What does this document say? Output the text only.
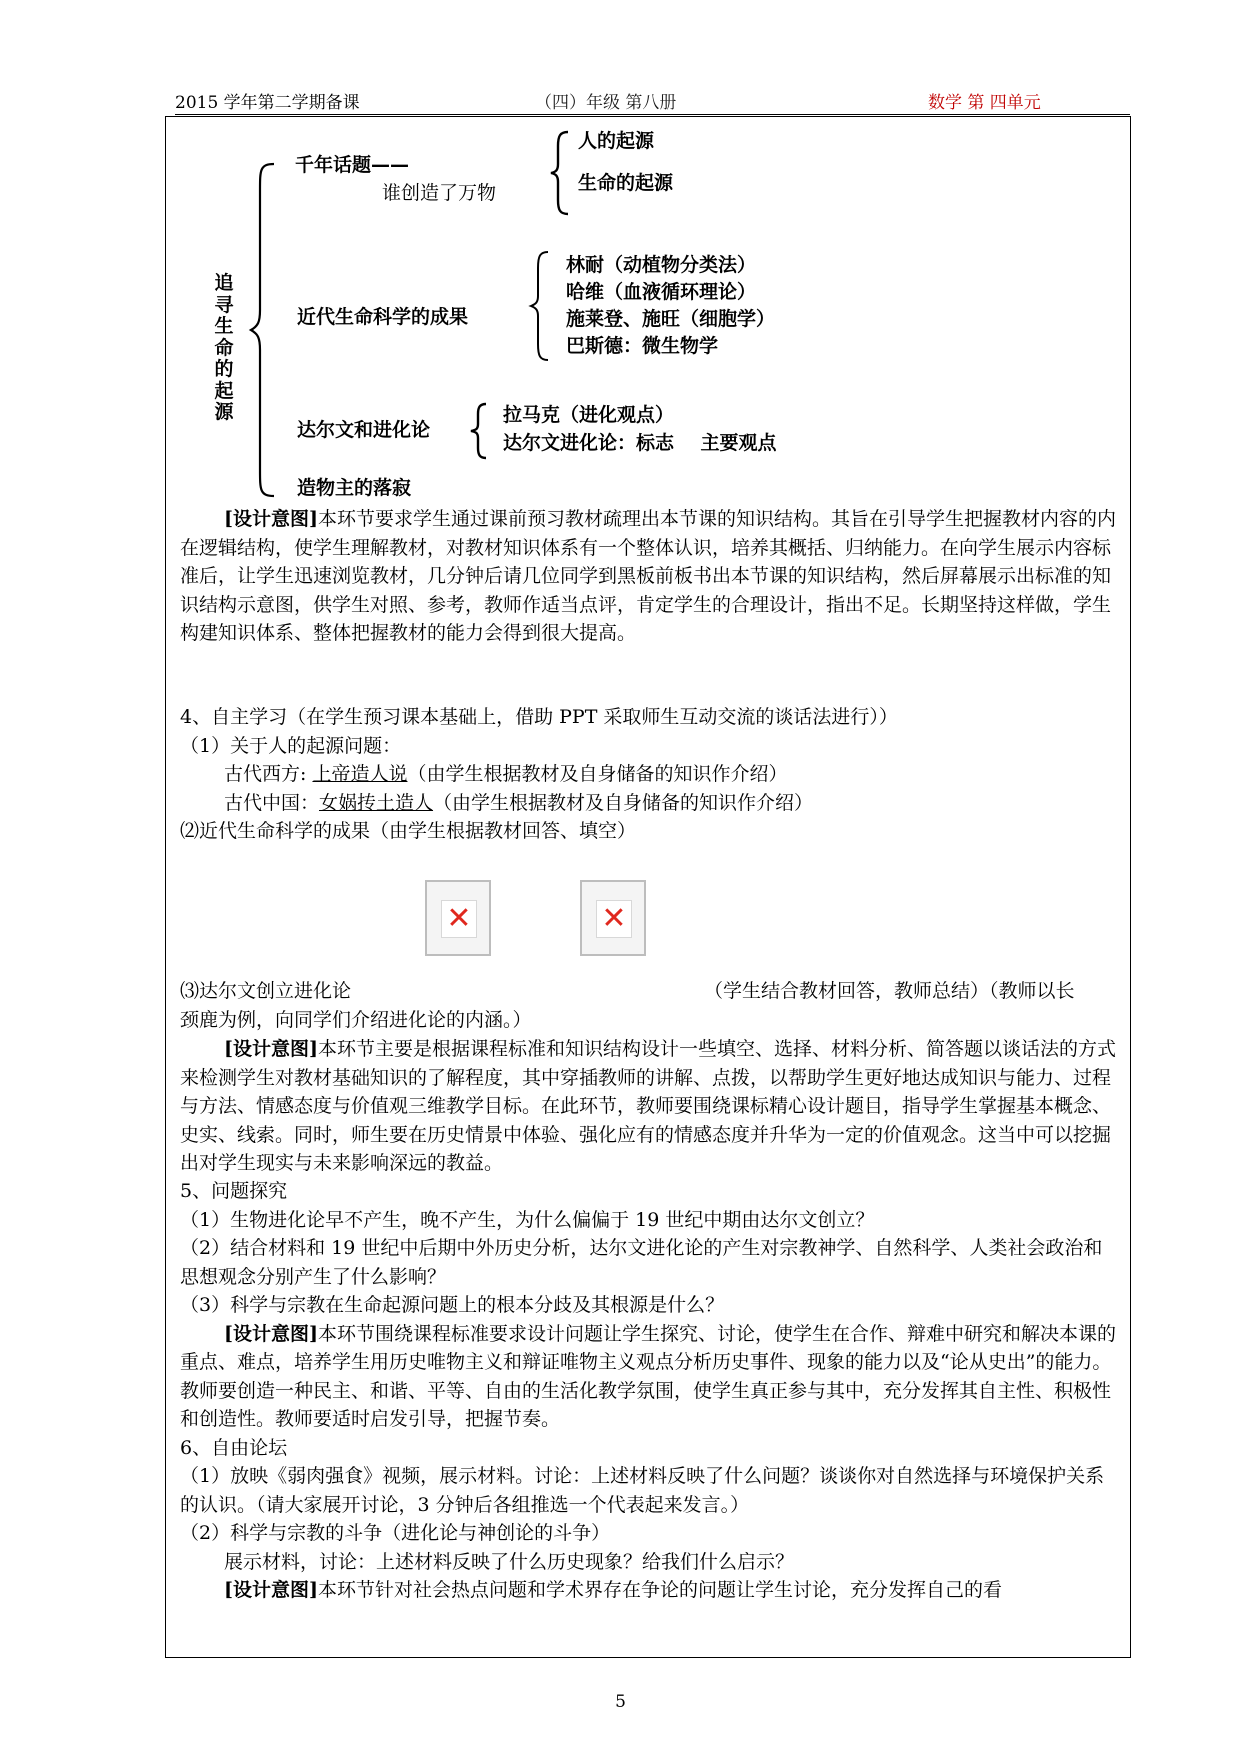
2015 学年第二学期备课	（四）年级 第八册	数学 第 四单元
追
寻
生
命
的
起
源
千年话题——
谁创造了万物
人的起源
生命的起源
近代生命科学的成果
林耐（动植物分类法）
哈维（血液循环理论）
施莱登、施旺（细胞学）
巴斯德：微生物学
达尔文和进化论
拉马克（进化观点）
达尔文进化论：标志    主要观点
造物主的落寂

[设计意图]本环节要求学生通过课前预习教材疏理出本节课的知识结构。其旨在引导学生把握教材内容的内在逻辑结构，使学生理解教材，对教材知识体系有一个整体认识，培养其概括、归纳能力。在向学生展示内容标准后，让学生迅速浏览教材，几分钟后请几位同学到黑板前板书出本节课的知识结构，然后屏幕展示出标准的知识结构示意图，供学生对照、参考，教师作适当点评，肯定学生的合理设计，指出不足。长期坚持这样做，学生构建知识体系、整体把握教材的能力会得到很大提高。

4、自主学习（在学生预习课本基础上，借助 PPT 采取师生互动交流的谈话法进行））

（1）关于人的起源问题：

古代西方: 上帝造人说（由学生根据教材及自身储备的知识作介绍）

古代中国：女娲抟土造人（由学生根据教材及自身储备的知识作介绍）

⑵近代生命科学的成果（由学生根据教材回答、填空）

✕	✕

⑶达尔文创立进化论	（学生结合教材回答，教师总结）（教师以长

颈鹿为例，向同学们介绍进化论的内涵。）

[设计意图]本环节主要是根据课程标准和知识结构设计一些填空、选择、材料分析、简答题以谈话法的方式来检测学生对教材基础知识的了解程度，其中穿插教师的讲解、点拨，以帮助学生更好地达成知识与能力、过程与方法、情感态度与价值观三维教学目标。在此环节，教师要围绕课标精心设计题目，指导学生掌握基本概念、史实、线索。同时，师生要在历史情景中体验、强化应有的情感态度并升华为一定的价值观念。这当中可以挖掘出对学生现实与未来影响深远的教益。

5、问题探究

（1）生物进化论早不产生，晚不产生，为什么偏偏于 19 世纪中期由达尔文创立？

（2）结合材料和 19 世纪中后期中外历史分析，达尔文进化论的产生对宗教神学、自然科学、人类社会政治和思想观念分别产生了什么影响？

（3）科学与宗教在生命起源问题上的根本分歧及其根源是什么？

[设计意图]本环节围绕课程标准要求设计问题让学生探究、讨论，使学生在合作、辩难中研究和解决本课的重点、难点，培养学生用历史唯物主义和辩证唯物主义观点分析历史事件、现象的能力以及“论从史出”的能力。教师要创造一种民主、和谐、平等、自由的生活化教学氛围，使学生真正参与其中，充分发挥其自主性、积极性和创造性。教师要适时启发引导，把握节奏。

6、自由论坛

（1）放映《弱肉强食》视频，展示材料。讨论：上述材料反映了什么问题？谈谈你对自然选择与环境保护关系的认识。（请大家展开讨论，3 分钟后各组推选一个代表起来发言。）

（2）科学与宗教的斗争（进化论与神创论的斗争）

展示材料，讨论：上述材料反映了什么历史现象？给我们什么启示？

[设计意图]本环节针对社会热点问题和学术界存在争论的问题让学生讨论，充分发挥自己的看

5
